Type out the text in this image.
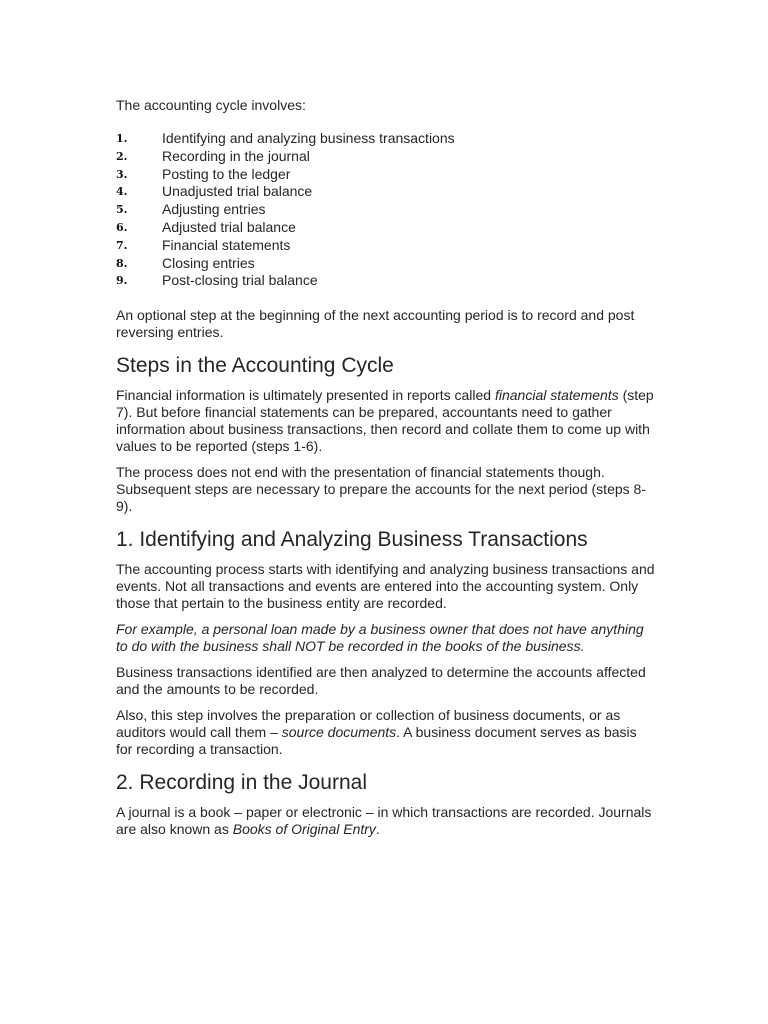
The accounting cycle involves:

1.	Identifying and analyzing business transactions
2.	Recording in the journal
3.	Posting to the ledger
4.	Unadjusted trial balance
5.	Adjusting entries
6.	Adjusted trial balance
7.	Financial statements
8.	Closing entries
9.	Post-closing trial balance

An optional step at the beginning of the next accounting period is to record and post reversing entries.

Steps in the Accounting Cycle

Financial information is ultimately presented in reports called financial statements (step 7). But before financial statements can be prepared, accountants need to gather information about business transactions, then record and collate them to come up with values to be reported (steps 1-6).

The process does not end with the presentation of financial statements though. Subsequent steps are necessary to prepare the accounts for the next period (steps 8-9).

1. Identifying and Analyzing Business Transactions

The accounting process starts with identifying and analyzing business transactions and events. Not all transactions and events are entered into the accounting system. Only those that pertain to the business entity are recorded.

For example, a personal loan made by a business owner that does not have anything to do with the business shall NOT be recorded in the books of the business.

Business transactions identified are then analyzed to determine the accounts affected and the amounts to be recorded.

Also, this step involves the preparation or collection of business documents, or as auditors would call them – source documents. A business document serves as basis for recording a transaction.

2. Recording in the Journal

A journal is a book – paper or electronic – in which transactions are recorded. Journals are also known as Books of Original Entry.
